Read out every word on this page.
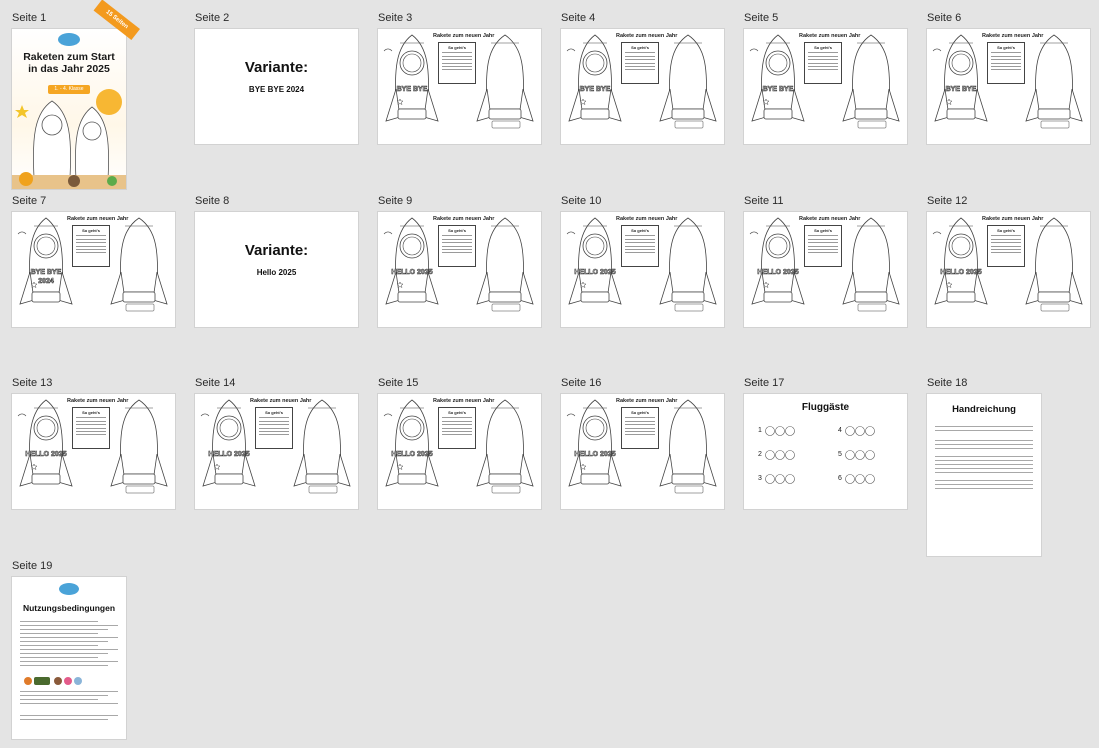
Seite 1	15 Seiten
Raketen zum Start
in das Jahr 2025
1. - 4. Klasse
Seite 2
Variante:
BYE BYE 2024
Seite 3
BYE BYE
Rakete zum neuen Jahr
So geht's
Seite 4
BYE BYE
Rakete zum neuen Jahr
So geht's
Seite 5
BYE BYE
Rakete zum neuen Jahr
So geht's
Seite 6
BYE BYE
Rakete zum neuen Jahr
So geht's
Seite 7
BYE BYE 2024
Rakete zum neuen Jahr
So geht's
Seite 8
Variante:
Hello 2025
Seite 9
HELLO 2025
Rakete zum neuen Jahr
So geht's
Seite 10
HELLO 2025
Rakete zum neuen Jahr
So geht's
Seite 11
HELLO 2025
Rakete zum neuen Jahr
So geht's
Seite 12
HELLO 2025
Rakete zum neuen Jahr
So geht's
Seite 13
HELLO 2025
Rakete zum neuen Jahr
So geht's
Seite 14
HELLO 2025
Rakete zum neuen Jahr
So geht's
Seite 15
HELLO 2025
Rakete zum neuen Jahr
So geht's
Seite 16
HELLO 2025
Rakete zum neuen Jahr
So geht's
Seite 17
Fluggäste
1
2
3
4
5
6
Seite 18
Handreichung
Seite 19
Nutzungsbedingungen
